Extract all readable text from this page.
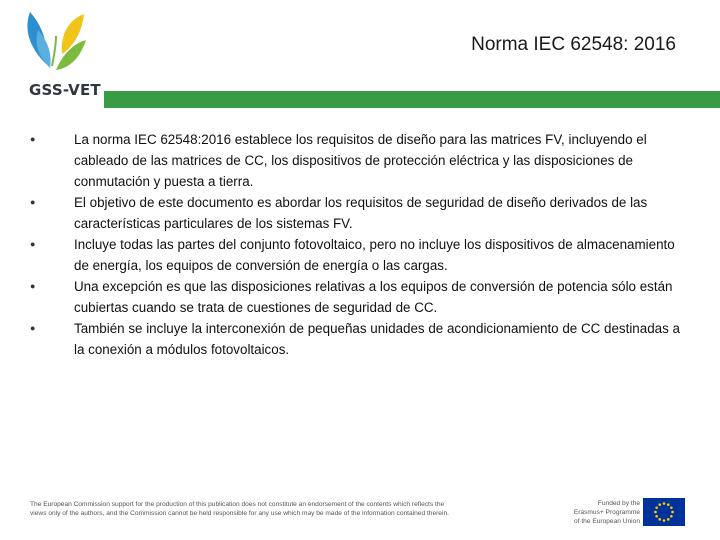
GSS-VET
Norma IEC 62548: 2016
●	La norma IEC 62548:2016 establece los requisitos de diseño para las matrices FV, incluyendo el cableado de las matrices de CC, los dispositivos de protección eléctrica y las disposiciones de conmutación y puesta a tierra.
●	El objetivo de este documento es abordar los requisitos de seguridad de diseño derivados de las características particulares de los sistemas FV.
●	Incluye todas las partes del conjunto fotovoltaico, pero no incluye los dispositivos de almacenamiento de energía, los equipos de conversión de energía o las cargas.
●	Una excepción es que las disposiciones relativas a los equipos de conversión de potencia sólo están cubiertas cuando se trata de cuestiones de seguridad de CC.
●	También se incluye la interconexión de pequeñas unidades de acondicionamiento de CC destinadas a la conexión a módulos fotovoltaicos.
The European Commission support for the production of this publication does not constitute an endorsement of the contents which reflects the views only of the authors, and the Commission cannot be held responsible for any use which may be made of the information contained therein.
Funded by the
Erasmus+ Programme
of the European Union
